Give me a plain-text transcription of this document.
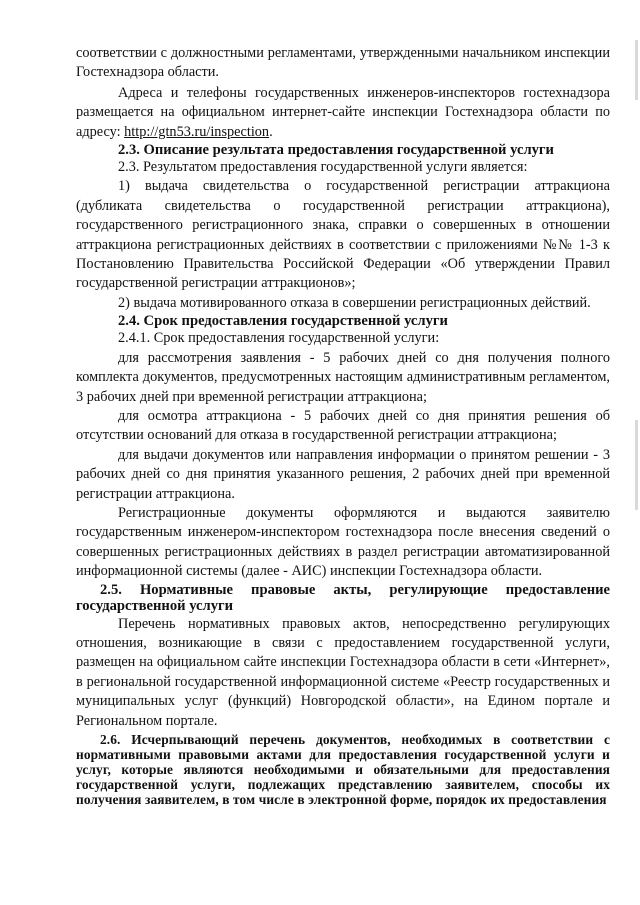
соответствии с должностными регламентами, утвержденными начальником инспекции Гостехнадзора области.

Адреса и телефоны государственных инженеров-инспекторов гостехнадзора размещается на официальном интернет-сайте инспекции Гостехнадзора области по адресу: http://gtn53.ru/inspection.

2.3. Описание результата предоставления государственной услуги

2.3. Результатом предоставления государственной услуги является:

1) выдача свидетельства о государственной регистрации аттракциона (дубликата свидетельства о государственной регистрации аттракциона), государственного регистрационного знака, справки о совершенных в отношении аттракциона регистрационных действиях в соответствии с приложениями №№ 1-3 к Постановлению Правительства Российской Федерации «Об утверждении Правил государственной регистрации аттракционов»;

2) выдача мотивированного отказа в совершении регистрационных действий.

2.4. Срок предоставления государственной услуги

2.4.1. Срок предоставления государственной услуги:

для рассмотрения заявления - 5 рабочих дней со дня получения полного комплекта документов, предусмотренных настоящим административным регламентом, 3 рабочих дней при временной регистрации аттракциона;

для осмотра аттракциона - 5 рабочих дней со дня принятия решения об отсутствии оснований для отказа в государственной регистрации аттракциона;

для выдачи документов или направления информации о принятом решении - 3 рабочих дней со дня принятия указанного решения, 2 рабочих дней при временной регистрации аттракциона.

Регистрационные документы оформляются и выдаются заявителю государственным инженером-инспектором гостехнадзора после внесения сведений о совершенных регистрационных действиях в раздел регистрации автоматизированной информационной системы (далее - АИС) инспекции Гостехнадзора области.

2.5. Нормативные правовые акты, регулирующие предоставление государственной услуги

Перечень нормативных правовых актов, непосредственно регулирующих отношения, возникающие в связи с предоставлением государственной услуги, размещен на официальном сайте инспекции Гостехнадзора области в сети «Интернет», в региональной государственной информационной системе «Реестр государственных и муниципальных услуг (функций) Новгородской области», на Едином портале и Региональном портале.

2.6. Исчерпывающий перечень документов, необходимых в соответствии с нормативными правовыми актами для предоставления государственной услуги и услуг, которые являются необходимыми и обязательными для предоставления государственной услуги, подлежащих представлению заявителем, способы их получения заявителем, в том числе в электронной форме, порядок их предоставления
